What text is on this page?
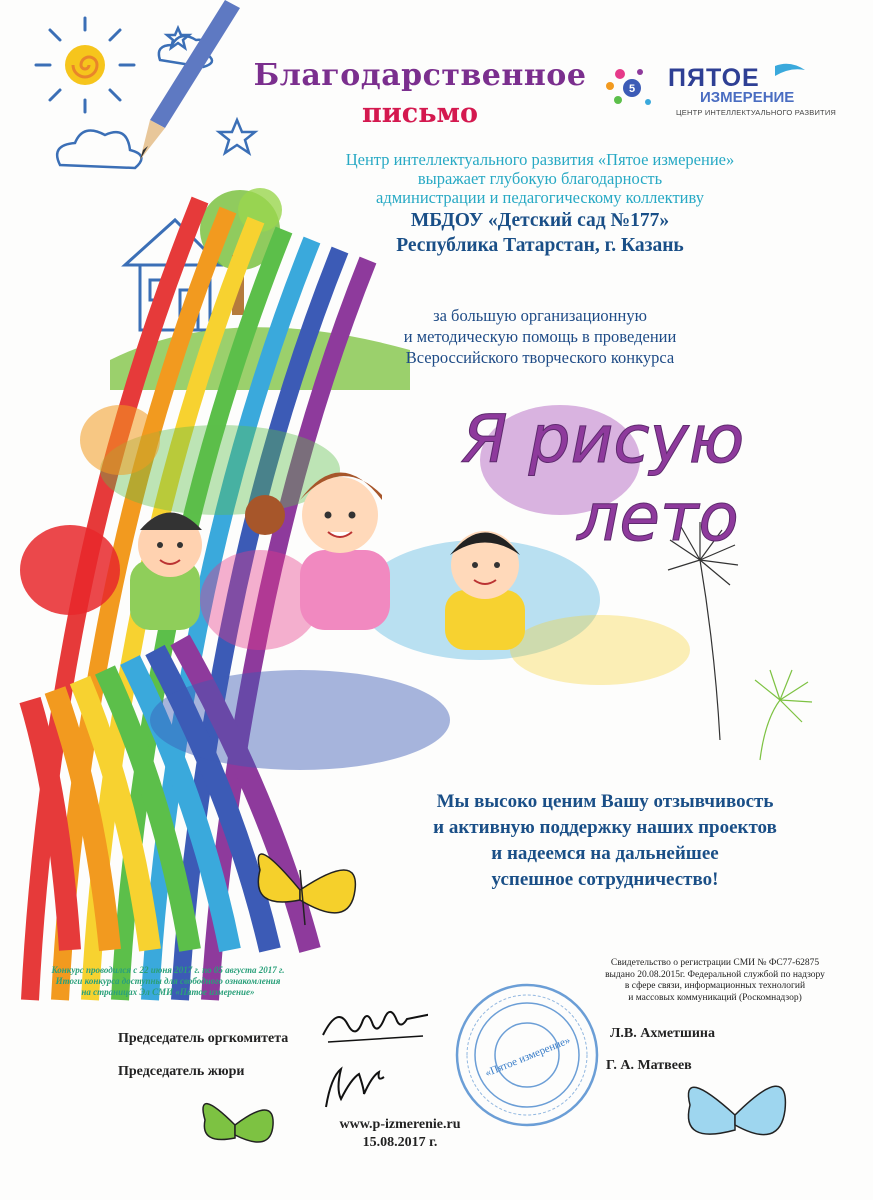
Благодарственное
письмо
5 ПЯТОЕ
ИЗМЕРЕНИЕ
ЦЕНТР ИНТЕЛЛЕКТУАЛЬНОГО РАЗВИТИЯ
Центр интеллектуального развития «Пятое измерение»
выражает глубокую благодарность
администрации и педагогическому коллективу
МБДОУ «Детский сад №177»
Республика Татарстан, г. Казань
за большую организационную
и методическую помощь в проведении
Всероссийского творческого конкурса
Я рисую
лето
Мы высоко ценим Вашу отзывчивость
и активную поддержку наших проектов
и надеемся на дальнейшее
успешное сотрудничество!
Конкурс проводился с 22 июня 2017 г. по 05 августа 2017 г.
Итоги конкурса доступны для свободного ознакомления
на страницах Эл СМИ «Пятое измерение»
Свидетельство о регистрации СМИ № ФС77-62875
выдано 20.08.2015г. Федеральной службой по надзору
в сфере связи, информационных технологий
и массовых коммуникаций (Роскомнадзор)
«Пятое измерение»
Председатель оргкомитета	Л.В. Ахметшина
Председатель жюри	Г. А. Матвеев
www.p-izmerenie.ru
15.08.2017 г.
